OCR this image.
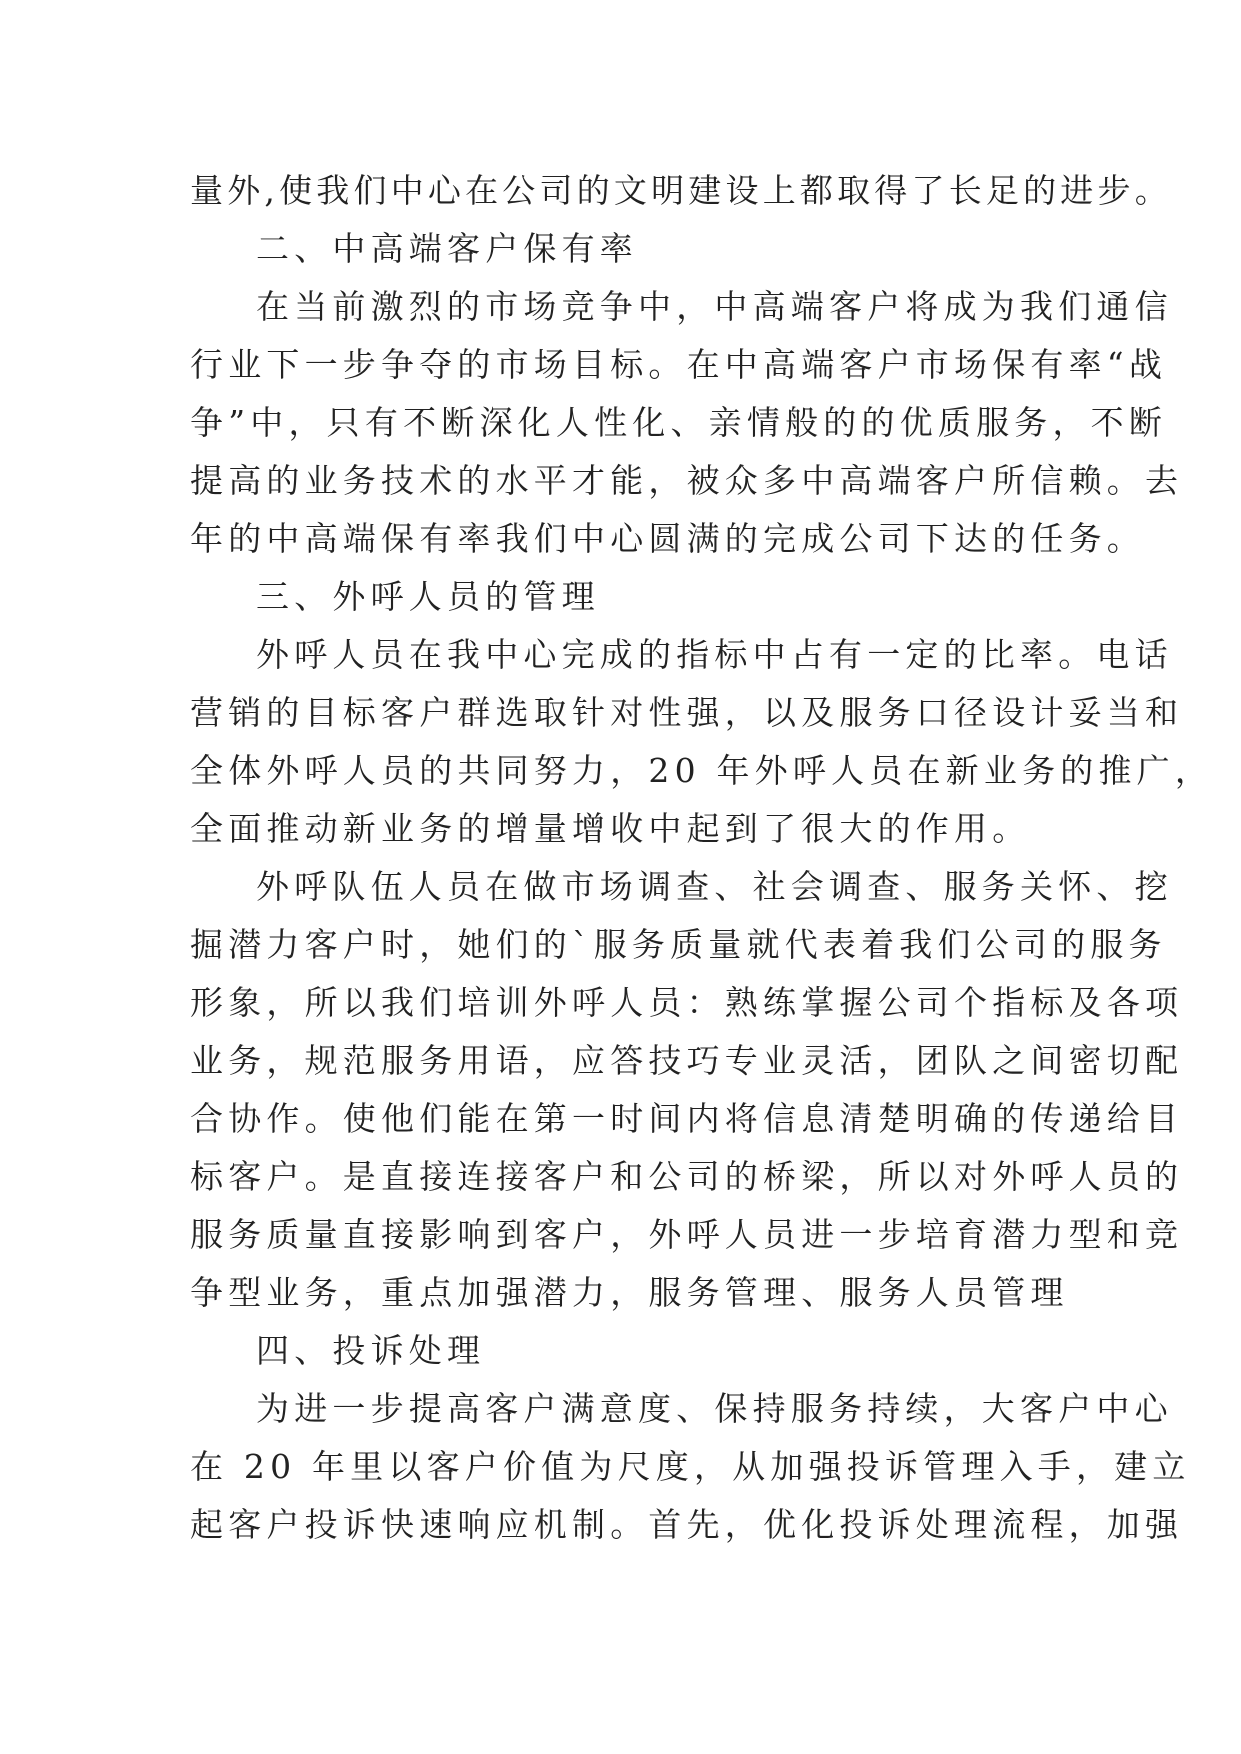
量外,使我们中心在公司的文明建设上都取得了长足的进步。
二、中高端客户保有率
在当前激烈的市场竞争中，中高端客户将成为我们通信
行业下一步争夺的市场目标。在中高端客户市场保有率“战
争”中，只有不断深化人性化、亲情般的的优质服务，不断
提高的业务技术的水平才能，被众多中高端客户所信赖。去
年的中高端保有率我们中心圆满的完成公司下达的任务。
三、外呼人员的管理
外呼人员在我中心完成的指标中占有一定的比率。电话
营销的目标客户群选取针对性强，以及服务口径设计妥当和
全体外呼人员的共同努力，20 年外呼人员在新业务的推广，
全面推动新业务的增量增收中起到了很大的作用。
外呼队伍人员在做市场调查、社会调查、服务关怀、挖
掘潜力客户时，她们的`服务质量就代表着我们公司的服务
形象，所以我们培训外呼人员：熟练掌握公司个指标及各项
业务，规范服务用语，应答技巧专业灵活，团队之间密切配
合协作。使他们能在第一时间内将信息清楚明确的传递给目
标客户。是直接连接客户和公司的桥梁，所以对外呼人员的
服务质量直接影响到客户，外呼人员进一步培育潜力型和竞
争型业务，重点加强潜力，服务管理、服务人员管理
四、投诉处理
为进一步提高客户满意度、保持服务持续，大客户中心
在 20 年里以客户价值为尺度，从加强投诉管理入手，建立
起客户投诉快速响应机制。首先，优化投诉处理流程，加强
